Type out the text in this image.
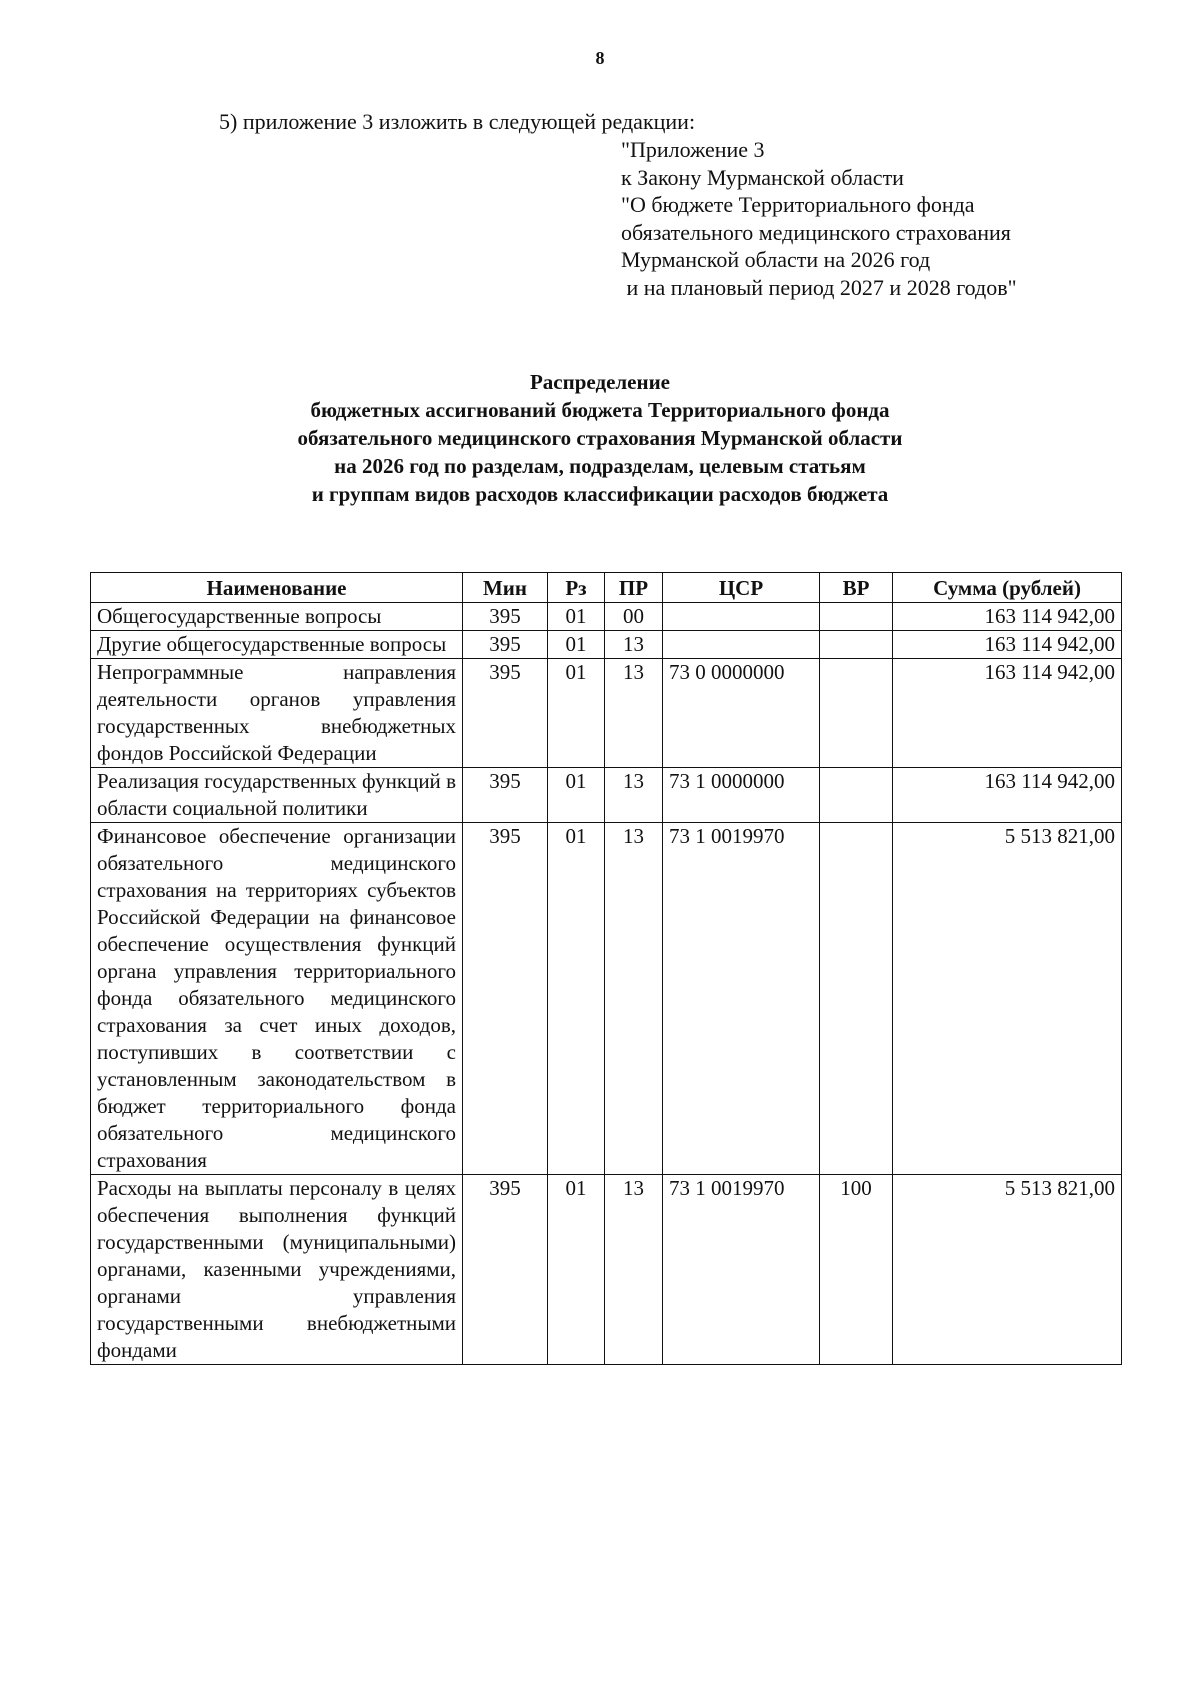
8
5) приложение 3 изложить в следующей редакции:
"Приложение 3
к Закону Мурманской области
"О бюджете Территориального фонда
обязательного медицинского страхования
Мурманской области на 2026 год
и на плановый период 2027 и 2028 годов"
Распределение
бюджетных ассигнований бюджета Территориального фонда
обязательного медицинского страхования Мурманской области
на 2026 год по разделам, подразделам, целевым статьям
и группам видов расходов классификации расходов бюджета
Наименование	Мин	Рз	ПР	ЦСР	ВР	Сумма (рублей)
Общегосударственные вопросы	395	01	00			163 114 942,00
Другие общегосударственные вопросы	395	01	13			163 114 942,00
Непрограммные направления деятельности органов управления государственных внебюджетных фондов Российской Федерации	395	01	13	73 0 0000000		163 114 942,00
Реализация государственных функций в области социальной политики	395	01	13	73 1 0000000		163 114 942,00
Финансовое обеспечение организации обязательного медицинского страхования на территориях субъектов Российской Федерации на финансовое обеспечение осуществления функций органа управления территориального фонда обязательного медицинского страхования за счет иных доходов, поступивших в соответствии с установленным законодательством в бюджет территориального фонда обязательного медицинского страхования	395	01	13	73 1 0019970		5 513 821,00
Расходы на выплаты персоналу в целях обеспечения выполнения функций государственными (муниципальными) органами, казенными учреждениями, органами управления государственными внебюджетными фондами	395	01	13	73 1 0019970	100	5 513 821,00
